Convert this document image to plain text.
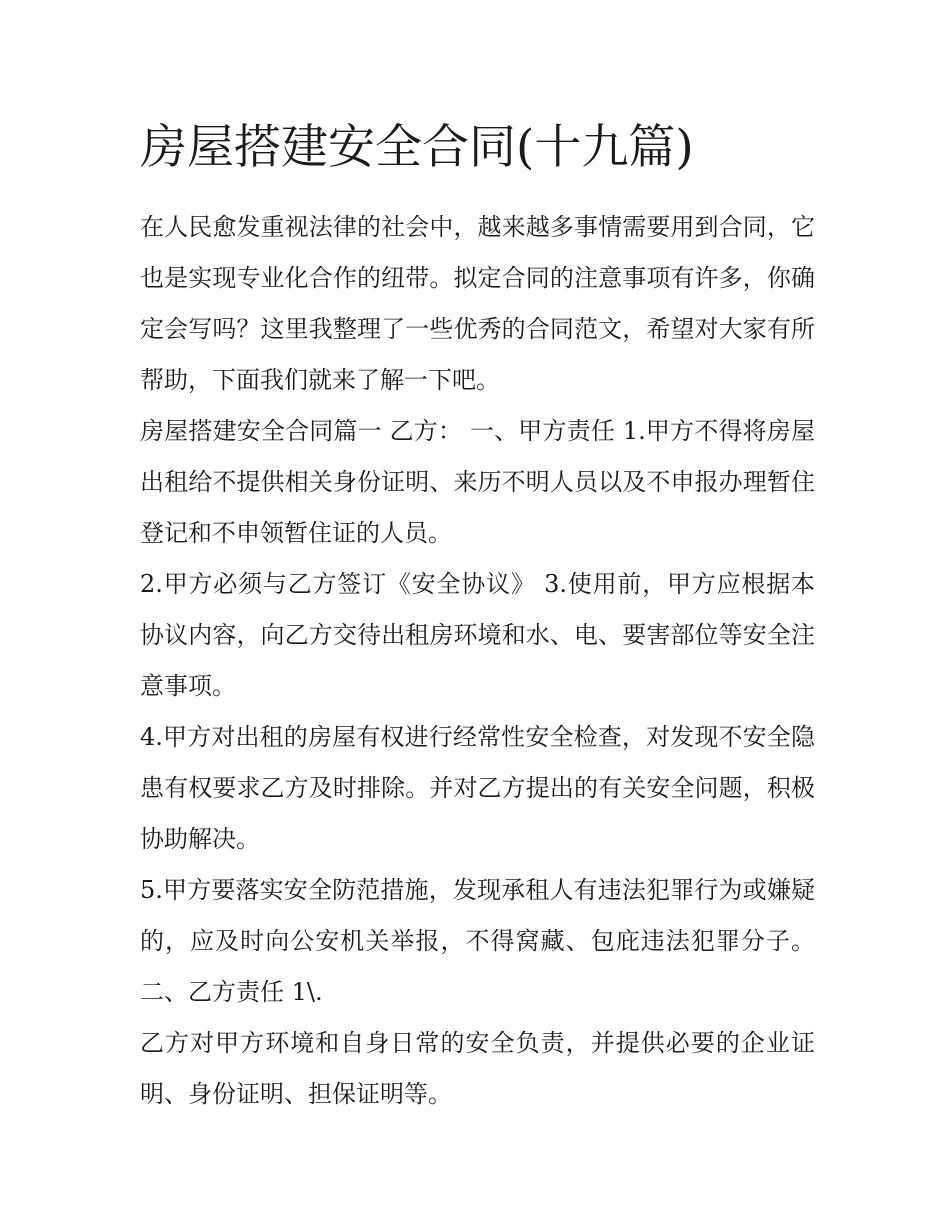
房屋搭建安全合同(十九篇)

在人民愈发重视法律的社会中，越来越多事情需要用到合同，它也是实现专业化合作的纽带。拟定合同的注意事项有许多，你确定会写吗？这里我整理了一些优秀的合同范文，希望对大家有所帮助，下面我们就来了解一下吧。

房屋搭建安全合同篇一 乙方： 一、甲方责任 1.甲方不得将房屋出租给不提供相关身份证明、来历不明人员以及不申报办理暂住登记和不申领暂住证的人员。

2.甲方必须与乙方签订《安全协议》 3.使用前，甲方应根据本协议内容，向乙方交待出租房环境和水、电、要害部位等安全注意事项。

4.甲方对出租的房屋有权进行经常性安全检查，对发现不安全隐患有权要求乙方及时排除。并对乙方提出的有关安全问题，积极协助解决。

5.甲方要落实安全防范措施，发现承租人有违法犯罪行为或嫌疑的，应及时向公安机关举报，不得窝藏、包庇违法犯罪分子。 二、乙方责任 1\.

乙方对甲方环境和自身日常的安全负责，并提供必要的企业证明、身份证明、担保证明等。
